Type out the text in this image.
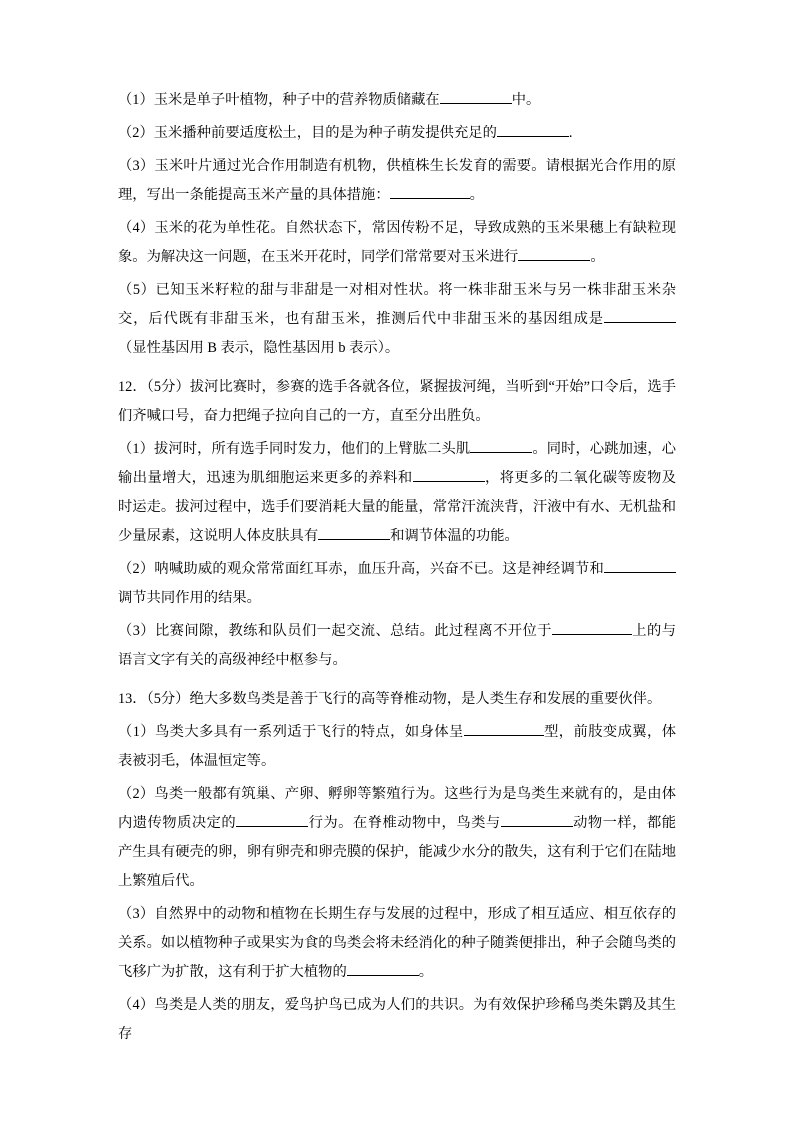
（1）玉米是单子叶植物，种子中的营养物质储藏在	中。

（2）玉米播种前要适度松土，目的是为种子萌发提供充足的	.

（3）玉米叶片通过光合作用制造有机物，供植株生长发育的需要。请根据光合作用的原理，写出一条能提高玉米产量的具体措施：	。

（4）玉米的花为单性花。自然状态下，常因传粉不足，导致成熟的玉米果穗上有缺粒现象。为解决这一问题，在玉米开花时，同学们常常要对玉米进行	。

（5）已知玉米籽粒的甜与非甜是一对相对性状。将一株非甜玉米与另一株非甜玉米杂交，后代既有非甜玉米，也有甜玉米，推测后代中非甜玉米的基因组成是（显性基因用 B 表示，隐性基因用 b 表示）。

12．（5分）拔河比赛时，参赛的选手各就各位，紧握拔河绳，当听到“开始”口令后，选手们齐喊口号，奋力把绳子拉向自己的一方，直至分出胜负。

（1）拔河时，所有选手同时发力，他们的上臂肱二头肌	。同时，心跳加速，心输出量增大，迅速为肌细胞运来更多的养料和	，将更多的二氧化碳等废物及时运走。拔河过程中，选手们要消耗大量的能量，常常汗流浃背，汗液中有水、无机盐和少量尿素，这说明人体皮肤具有	和调节体温的功能。

（2）呐喊助威的观众常常面红耳赤，血压升高，兴奋不已。这是神经调节和调节共同作用的结果。

（3）比赛间隙，教练和队员们一起交流、总结。此过程离不开位于	上的与语言文字有关的高级神经中枢参与。

13．（5分）绝大多数鸟类是善于飞行的高等脊椎动物，是人类生存和发展的重要伙伴。

（1）鸟类大多具有一系列适于飞行的特点，如身体呈	型，前肢变成翼，体表被羽毛，体温恒定等。

（2）鸟类一般都有筑巢、产卵、孵卵等繁殖行为。这些行为是鸟类生来就有的，是由体内遗传物质决定的	行为。在脊椎动物中，鸟类与	动物一样，都能产生具有硬壳的卵，卵有卵壳和卵壳膜的保护，能减少水分的散失，这有利于它们在陆地上繁殖后代。

（3）自然界中的动物和植物在长期生存与发展的过程中，形成了相互适应、相互依存的关系。如以植物种子或果实为食的鸟类会将未经消化的种子随粪便排出，种子会随鸟类的飞移广为扩散，这有利于扩大植物的	。

（4）鸟类是人类的朋友，爱鸟护鸟已成为人们的共识。为有效保护珍稀鸟类朱鹮及其生存
